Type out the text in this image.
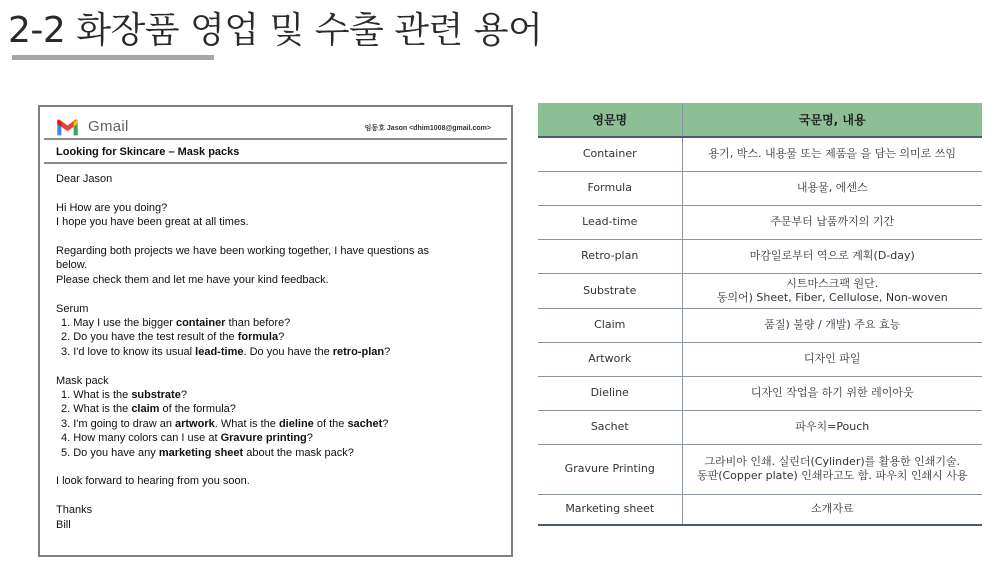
2-2 화장품 영업 및 수출 관련 용어
Gmail	임동호 Jason <dhim1008@gmail.com>
Looking for Skincare – Mask packs

Dear Jason

Hi How are you doing?

I hope you have been great at all times.

Regarding both projects we have been working together, I have questions as

below.

Please check them and let me have your kind feedback.

Serum

1. May I use the bigger container than before?
2. Do you have the test result of the formula?
3. I'd love to know its usual lead-time. Do you have the retro-plan?

Mask pack

1. What is the substrate?
2. What is the claim of the formula?
3. I'm going to draw an artwork. What is the dieline of the sachet?
4. How many colors can I use at Gravure printing?
5. Do you have any marketing sheet about the mask pack?

I look forward to hearing from you soon.

Thanks

Bill

영문명	국문명, 내용
Container	용기, 박스. 내용물 또는 제품을 을 담는 의미로 쓰임
Formula	내용물, 에센스
Lead-time	주문부터 납품까지의 기간
Retro-plan	마감일로부터 역으로 계획(D-day)
Substrate	시트마스크팩 원단.
동의어) Sheet, Fiber, Cellulose, Non-woven

Claim	품질) 불량 / 개발) 주요 효능
Artwork	디자인 파일
Dieline	디자인 작업을 하기 위한 레이아웃
Sachet	파우치=Pouch
Gravure Printing	그라비아 인쇄. 실린더(Cylinder)를 활용한 인쇄기술.
동판(Copper plate) 인쇄라고도 함. 파우치 인쇄시 사용

Marketing sheet	소개자료
